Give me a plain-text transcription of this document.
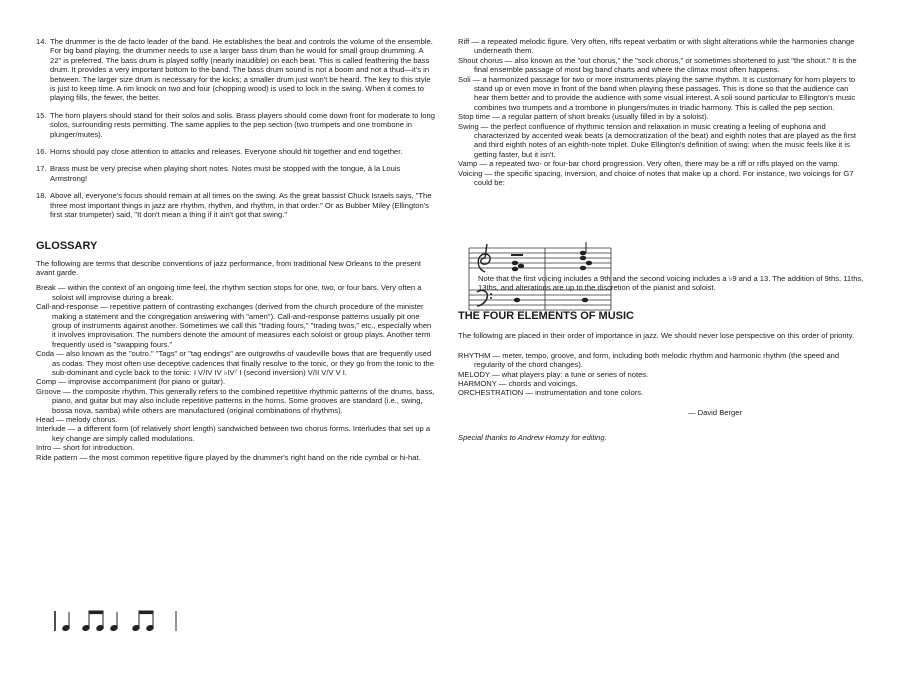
14. The drummer is the de facto leader of the band. He establishes the beat and controls the volume of the ensemble. For big band playing, the drummer needs to use a larger bass drum than he would for small group drumming. A 22" is preferred. The bass drum is played softly (nearly inaudible) on each beat. This is called feathering the bass drum. It provides a very important bottom to the band. The bass drum sound is not a boom and not a thud—it's in between. The larger size drum is necessary for the kicks; a smaller drum just won't be heard. The key to this style is just to keep time. A rim knock on two and four (chopping wood) is used to lock in the swing. When it comes to playing fills, the fewer, the better.
15. The horn players should stand for their solos and solis. Brass players should come down front for moderate to long solos, surrounding rests permitting. The same applies to the pep section (two trumpets and one trombone in plunger/mutes).
16. Horns should pay close attention to attacks and releases. Everyone should hit together and end together.
17. Brass must be very precise when playing short notes. Notes must be stopped with the tongue, à la Louis Armstrong!
18. Above all, everyone's focus should remain at all times on the swing. As the great bassist Chuck Israels says, "The three most important things in jazz are rhythm, rhythm, and rhythm, in that order." Or as Bubber Miley (Ellington's first star trumpeter) said, "It don't mean a thing if it ain't got that swing."
GLOSSARY

The following are terms that describe conventions of jazz performance, from traditional New Orleans to the present avant garde.

Break — within the context of an ongoing time feel, the rhythm section stops for one, two, or four bars. Very often a soloist will improvise during a break.

Call-and-response — repetitive pattern of contrasting exchanges (derived from the church procedure of the minister making a statement and the congregation answering with "amen"). Call-and-response patterns usually pit one group of instruments against another. Sometimes we call this "trading fours," "trading twos," etc., especially when it involves improvisation. The numbers denote the amount of measures each soloist or group plays. Another term frequently used is "swapping fours."

Coda — also known as the "outro." "Tags" or "tag endings" are outgrowths of vaudeville bows that are frequently used as codas. They most often use deceptive cadences that finally resolve to the tonic, or they go from the tonic to the sub-dominant and cycle back to the tonic: I V/IV IV ♭IV⁷ I (second inversion) V/II V/V V I.

Comp — improvise accompaniment (for piano or guitar).

Groove — the composite rhythm. This generally refers to the combined repetitive rhythmic patterns of the drums, bass, piano, and guitar but may also include repetitive patterns in the horns. Some grooves are standard (i.e., swing, bossa nova, samba) while others are manufactured (original combinations of rhythms).

Head — melody chorus.

Interlude — a different form (of relatively short length) sandwiched between two chorus forms. Interludes that set up a key change are simply called modulations.

Intro — short for introduction.

Ride pattern — the most common repetitive figure played by the drummer's right hand on the ride cymbal or hi-hat.

Riff — a repeated melodic figure. Very often, riffs repeat verbatim or with slight alterations while the harmonies change underneath them.

Shout chorus — also known as the "out chorus," the "sock chorus," or sometimes shortened to just "the shout." It is the final ensemble passage of most big band charts and where the climax most often happens.

Soli — a harmonized passage for two or more instruments playing the same rhythm. It is customary for horn players to stand up or even move in front of the band when playing these passages. This is done so that the audience can hear them better and to provide the audience with some visual interest. A soli sound particular to Ellington's music combines two trumpets and a trombone in plungers/mutes in triadic harmony. This is called the pep section.

Stop time — a regular pattern of short breaks (usually filled in by a soloist).

Swing — the perfect confluence of rhythmic tension and relaxation in music creating a feeling of euphoria and characterized by accented weak beats (a democratization of the beat) and eighth notes that are played as the first and third eighth notes of an eighth-note triplet. Duke Ellington's definition of swing: when the music feels like it is getting faster, but it isn't.

Vamp — a repeated two- or four-bar chord progression. Very often, there may be a riff or riffs played on the vamp.

Voicing — the specific spacing, inversion, and choice of notes that make up a chord. For instance, two voicings for G7 could be:

Note that the first voicing includes a 9th and the second voicing includes a ♭9 and a 13. The addition of 9ths, 11ths, 13ths, and alterations are up to the discretion of the pianist and soloist.

THE FOUR ELEMENTS OF MUSIC

The following are placed in their order of importance in jazz. We should never lose perspective on this order of priority.

RHYTHM — meter, tempo, groove, and form, including both melodic rhythm and harmonic rhythm (the speed and regularity of the chord changes).

MELODY — what players play: a tune or series of notes.

HARMONY — chords and voicings.

ORCHESTRATION — instrumentation and tone colors.

— David Berger

Special thanks to Andrew Homzy for editing.
